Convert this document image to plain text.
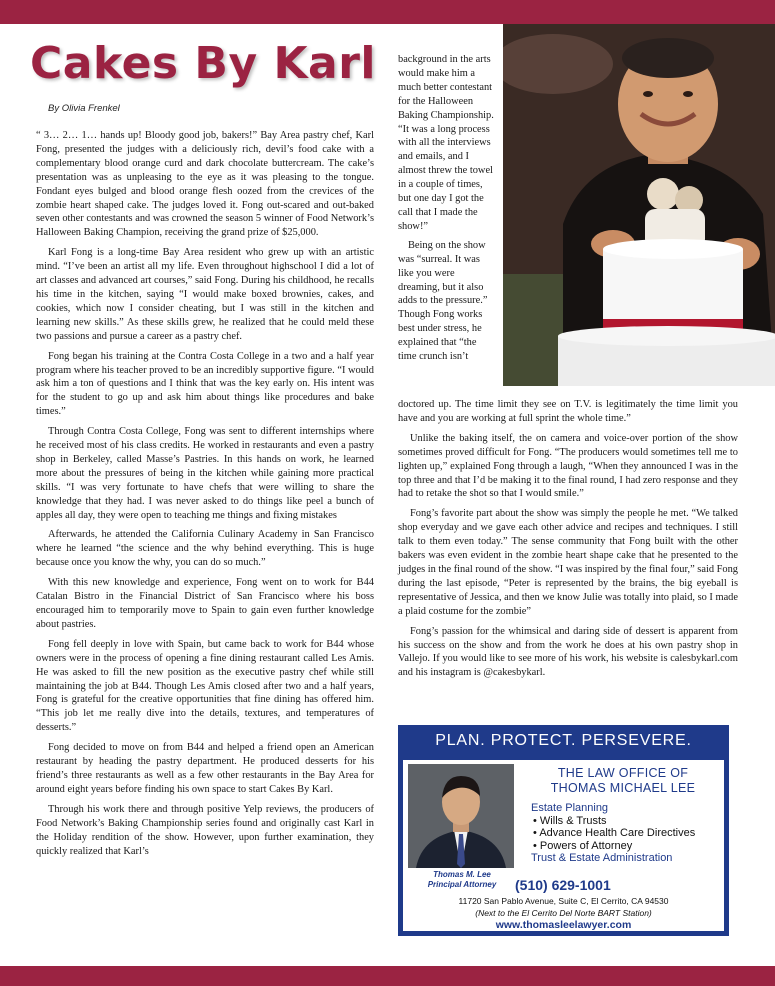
Cakes By Karl
By Olivia Frenkel

“ 3… 2… 1… hands up! Bloody good job, bakers!” Bay Area pastry chef, Karl Fong, presented the judges with a deliciously rich, devil’s food cake with a complementary blood orange curd and dark chocolate buttercream. The cake’s presentation was as unpleasing to the eye as it was pleasing to the tongue. Fondant eyes bulged and blood orange flesh oozed from the crevices of the zombie heart shaped cake. The judges loved it. Fong out-scared and out-baked seven other contestants and was crowned the season 5 winner of Food Network’s Halloween Baking Champion, receiving the grand prize of $25,000.

Karl Fong is a long-time Bay Area resident who grew up with an artistic mind. “I’ve been an artist all my life. Even throughout highschool I did a lot of art classes and advanced art courses,” said Fong. During his childhood, he recalls his time in the kitchen, saying “I would make boxed brownies, cakes, and cookies, which now I consider cheating, but I was still in the kitchen and learning new skills.” As these skills grew, he realized that he could meld these two passions and pursue a career as a pastry chef.

Fong began his training at the Contra Costa College in a two and a half year program where his teacher proved to be an incredibly supportive figure. “I would ask him a ton of questions and I think that was the key early on. His intent was for the student to go up and ask him about things like procedures and bake times.”

Through Contra Costa College, Fong was sent to different internships where he received most of his class credits. He worked in restaurants and even a pastry shop in Berkeley, called Masse’s Pastries. In this hands on work, he learned more about the pressures of being in the kitchen while gaining more practical skills. “I was very fortunate to have chefs that were willing to share the knowledge that they had. I was never asked to do things like peel a bunch of apples all day, they were open to teaching me things and fixing mistakes

Afterwards, he attended the California Culinary Academy in San Francisco where he learned “the science and the why behind everything. This is huge because once you know the why, you can do so much.”

With this new knowledge and experience, Fong went on to work for B44 Catalan Bistro in the Financial District of San Francisco where his boss encouraged him to temporarily move to Spain to gain even further knowledge about pastries.

Fong fell deeply in love with Spain, but came back to work for B44 whose owners were in the process of opening a fine dining restaurant called Les Amis. He was asked to fill the new position as the executive pastry chef while still maintaining the job at B44. Though Les Amis closed after two and a half years, Fong is grateful for the creative opportunities that fine dining has offered him. “This job let me really dive into the details, textures, and temperatures of desserts.”

Fong decided to move on from B44 and helped a friend open an American restaurant by heading the pastry department. He produced desserts for his friend’s three restaurants as well as a few other restaurants in the Bay Area for around eight years before finding his own space to start Cakes By Karl.

Through his work there and through positive Yelp reviews, the producers of Food Network’s Baking Championship series found and originally cast Karl in the Holiday rendition of the show. However, upon further examination, they quickly realized that Karl’s

background in the arts would make him a much better contestant for the Halloween Baking Championship. “It was a long process with all the interviews and emails, and I almost threw the towel in a couple of times, but one day I got the call that I made the show!”

Being on the show was “surreal. It was like you were dreaming, but it also adds to the pressure.” Though Fong works best under stress, he explained that “the time crunch isn’t

doctored up. The time limit they see on T.V. is legitimately the time limit you have and you are working at full sprint the whole time.”

Unlike the baking itself, the on camera and voice-over portion of the show sometimes proved difficult for Fong. “The producers would sometimes tell me to lighten up,” explained Fong through a laugh, “When they announced I was in the top three and that I’d be making it to the final round, I had zero response and they had to retake the shot so that I would smile.”

Fong’s favorite part about the show was simply the people he met. “We talked shop everyday and we gave each other advice and recipes and techniques. I still talk to them even today.” The sense community that Fong built with the other bakers was even evident in the zombie heart shape cake that he presented to the judges in the final round of the show. “I was inspired by the final four,” said Fong during the last episode, “Peter is represented by the brains, the big eyeball is representative of Jessica, and then we know Julie was totally into plaid, so I made a plaid costume for the zombie”

Fong’s passion for the whimsical and daring side of dessert is apparent from his success on the show and from the work he does at his own pastry shop in Vallejo. If you would like to see more of his work, his website is calesbykarl.com and his instagram is @cakesbykarl.

PLAN. PROTECT. PERSEVERE.
Thomas M. Lee
Principal Attorney
THE LAW OFFICE OF
THOMAS MICHAEL LEE
Estate Planning
• Wills & Trusts
• Advance Health Care Directives
• Powers of Attorney
Trust & Estate Administration
(510) 629-1001
11720 San Pablo Avenue, Suite C, El Cerrito, CA 94530
(Next to the El Cerrito Del Norte BART Station)
www.thomasleelawyer.com
